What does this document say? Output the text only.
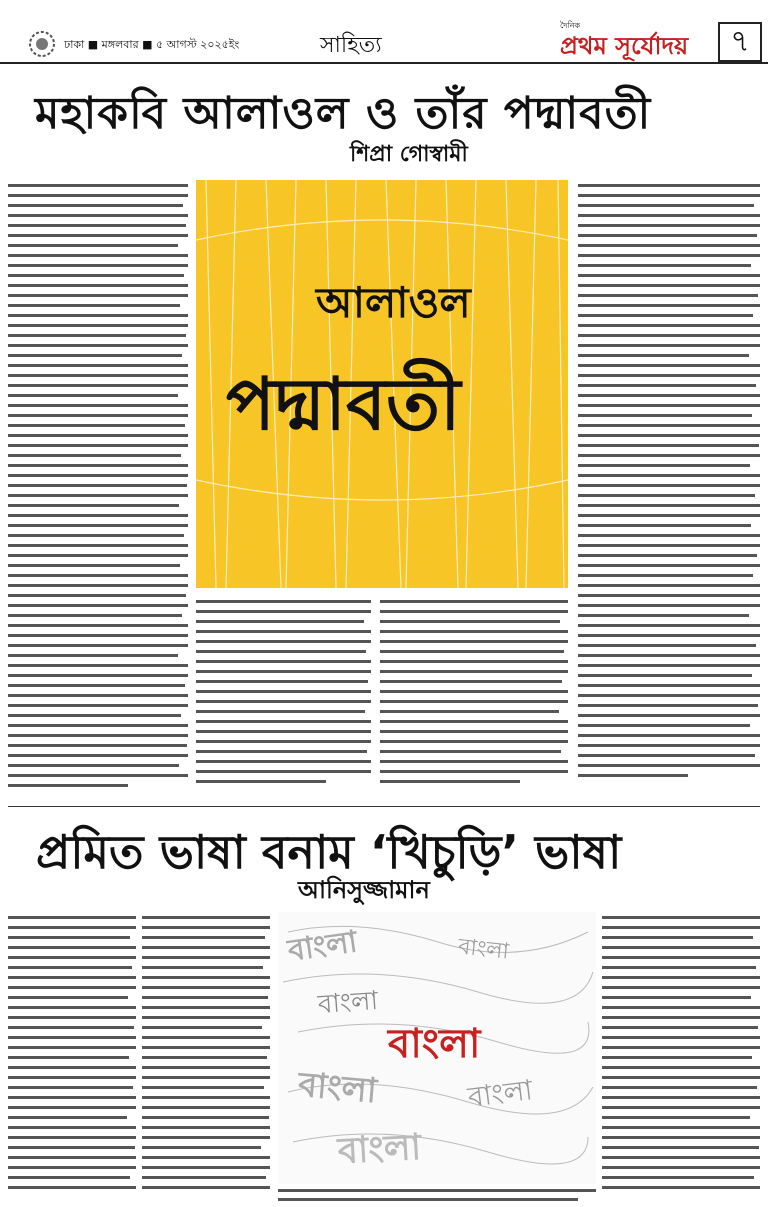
ঢাকা ■ মঙ্গলবার ■ ৫ আগস্ট ২০২৫ইং	সাহিত্য
দৈনিক
প্রথম সূর্যোদয়	৭
মহাকবি আলাওল ও তাঁর পদ্মাবতী
শিপ্রা গোস্বামী
আলাওল
পদ্মাবতী
প্রমিত ভাষা বনাম ‘খিচুড়ি’ ভাষা
আনিসুজ্জামান
বাংলা	বাংলা
বাংলা
বাংলা
বাংলা	বাংলা
বাংলা
